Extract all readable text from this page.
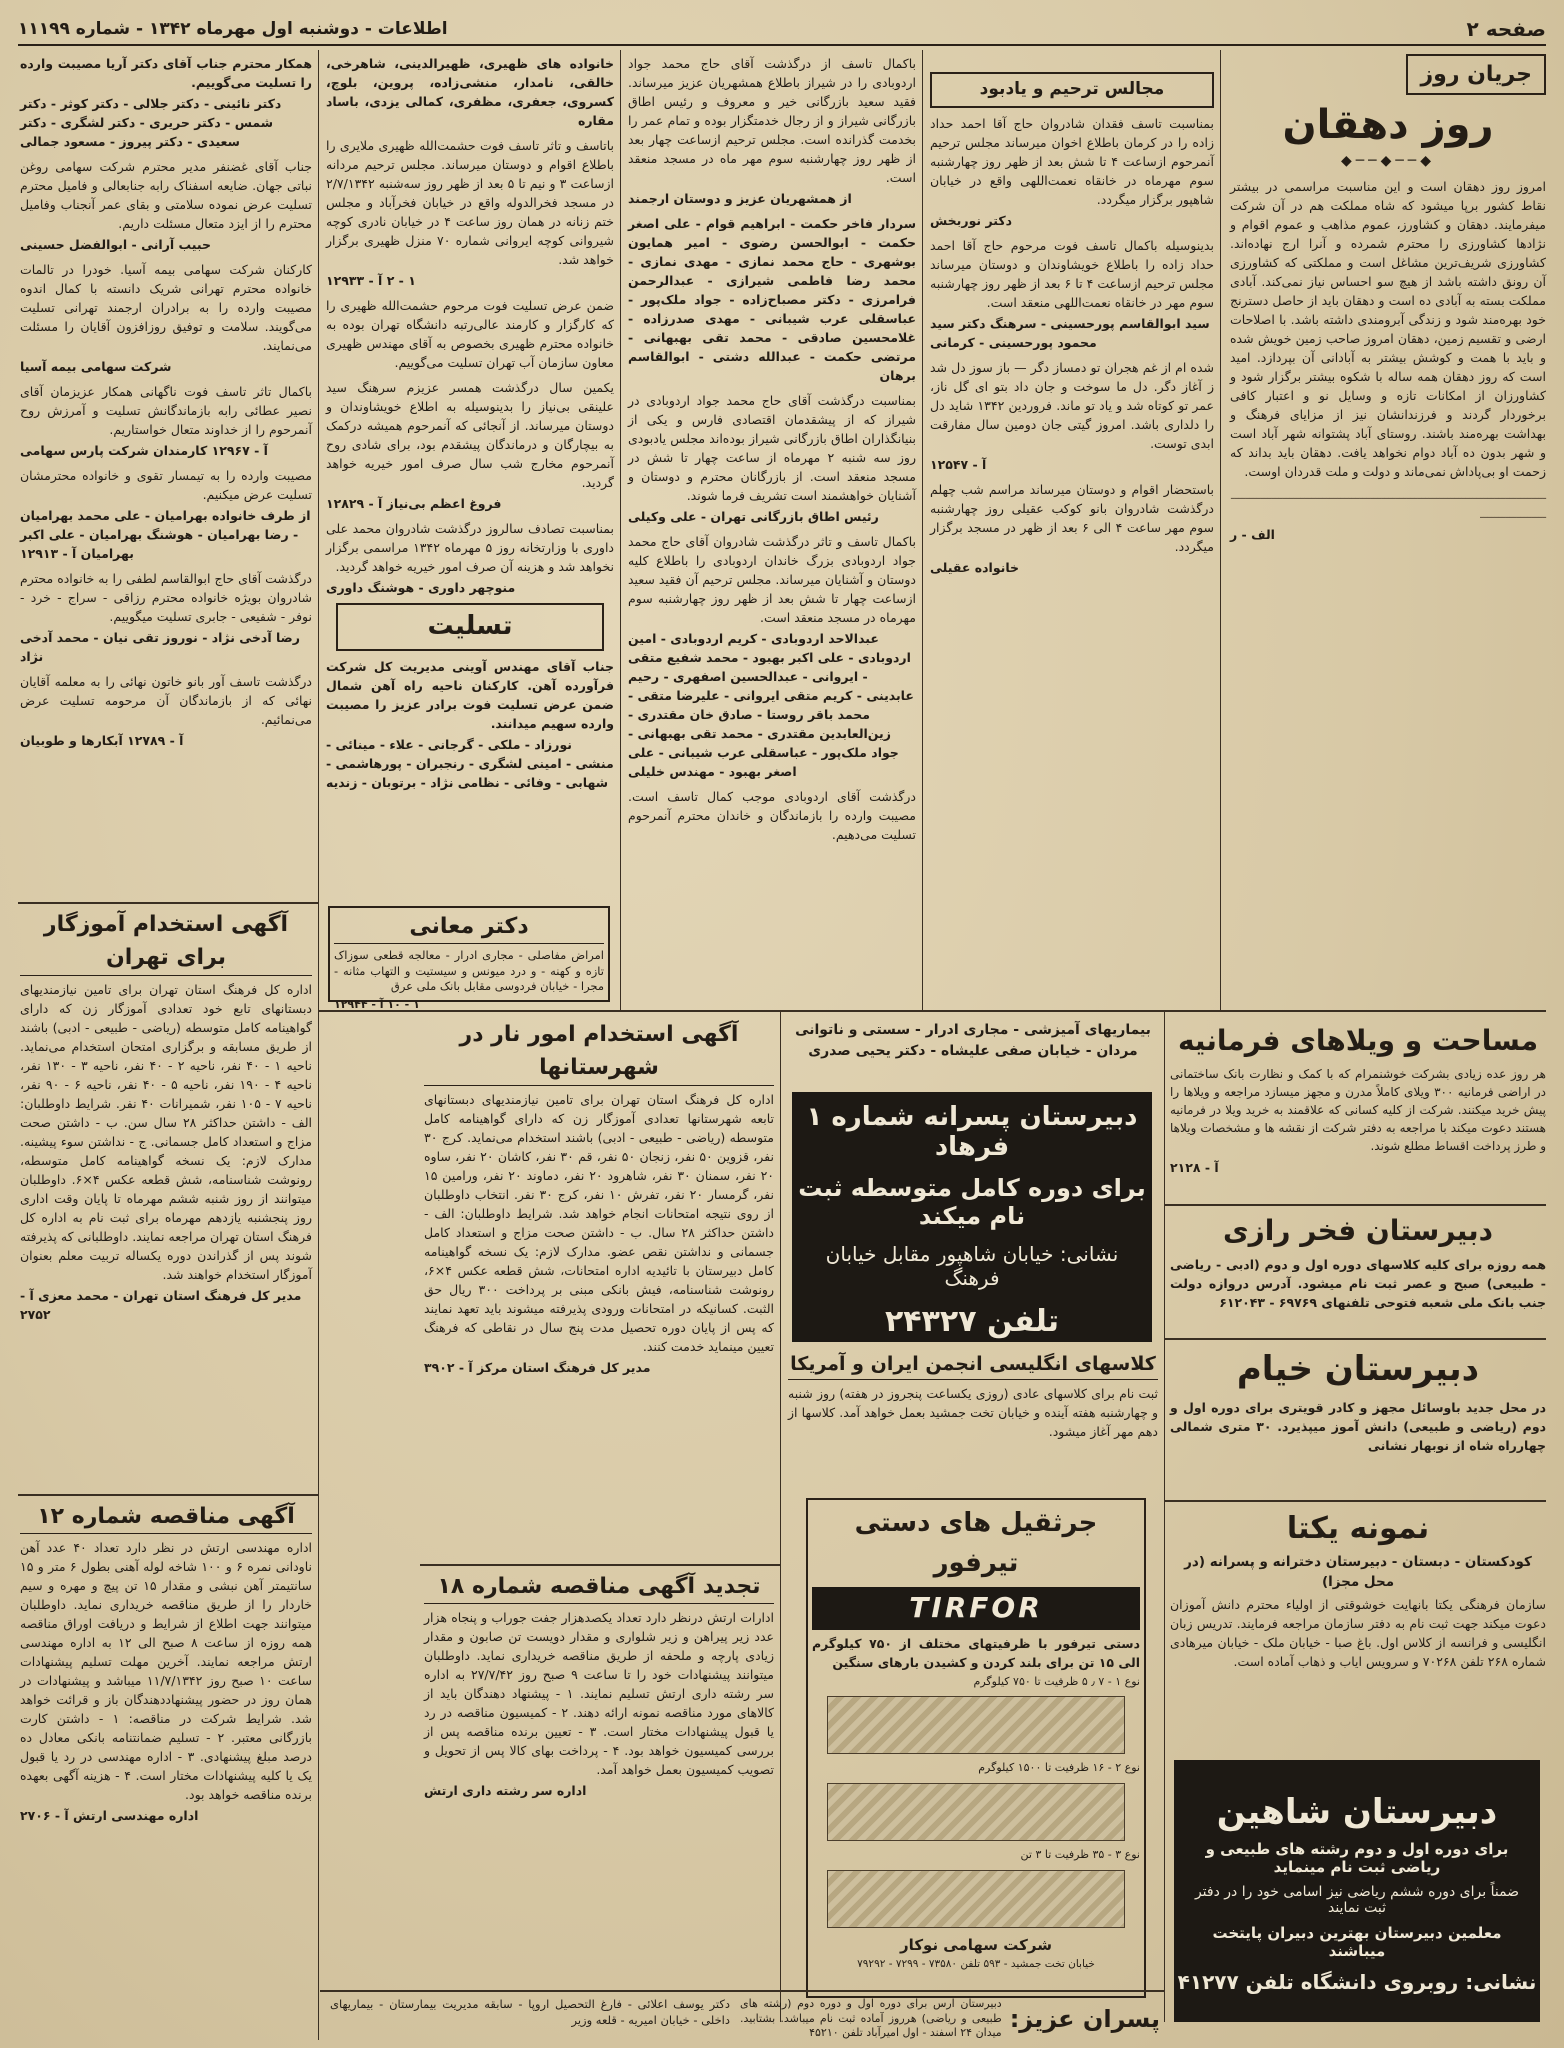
صفحه ۲
اطلاعات - دوشنبه اول مهرماه ۱۳۴۲ - شماره ۱۱۱۹۹
جریان روز
روز دهقان
◆──◆──◆

امروز روز دهقان است و این مناسبت مراسمی در بیشتر نقاط کشور برپا میشود که شاه مملکت هم در آن شرکت میفرمایند. دهقان و کشاورز، عموم مذاهب و عموم اقوام و نژادها کشاورزی را محترم شمرده و آنرا ارج نهاده‌اند. کشاورزی شریف‌ترین مشاغل است و مملکتی که کشاورزی آن رونق داشته باشد از هیچ سو احساس نیاز نمی‌کند. آبادی مملکت بسته به آبادی ده است و دهقان باید از حاصل دسترنج خود بهره‌مند شود و زندگی آبرومندی داشته باشد. با اصلاحات ارضی و تقسیم زمین، دهقان امروز صاحب زمین خویش شده و باید با همت و کوشش بیشتر به آبادانی آن بپردازد. امید است که روز دهقان همه ساله با شکوه بیشتر برگزار شود و کشاورزان از امکانات تازه و وسایل نو و اعتبار کافی برخوردار گردند و فرزندانشان نیز از مزایای فرهنگ و بهداشت بهره‌مند باشند. روستای آباد پشتوانه شهر آباد است و شهر بدون ده آباد دوام نخواهد یافت. دهقان باید بداند که زحمت او بی‌پاداش نمی‌ماند و دولت و ملت قدردان اوست.

ــــــــــــــــــــــــــــــــــــــــــــــــــــــــــــــــــــــــــــــــــــــــــــــــــــــــ

الف - ر
مجالس ترحیم و یادبود

بمناسبت تاسف فقدان شادروان حاج آقا احمد حداد زاده را در کرمان باطلاع اخوان میرساند مجلس ترحیم آنمرحوم ازساعت ۴ تا شش بعد از ظهر روز چهارشنبه سوم مهرماه در خانقاه نعمت‌اللهی واقع در خیابان شاهپور برگزار میگردد.

دکتر نوربخش

بدینوسیله باکمال تاسف فوت مرحوم حاج آقا احمد حداد زاده را باطلاع خویشاوندان و دوستان میرساند مجلس ترحیم ازساعت ۴ تا ۶ بعد از ظهر روز چهارشنبه سوم مهر در خانقاه نعمت‌اللهی منعقد است.

سید ابوالقاسم پورحسینی - سرهنگ دکتر سید محمود پورحسینی - کرمانی

شده ام از غم هجران تو دمساز دگر — باز سوز دل شد ز آغاز دگر. دل ما سوخت و جان داد بتو ای گل ناز، عمر تو کوتاه شد و یاد تو ماند. فروردین ۱۳۴۲ شاید دل را دلداری باشد. امروز گیتی جان دومین سال مفارقت ابدی توست.

آ - ۱۲۵۴۷

باستحضار اقوام و دوستان میرساند مراسم شب چهلم درگذشت شادروان بانو کوکب عقیلی روز چهارشنبه سوم مهر ساعت ۴ الی ۶ بعد از ظهر در مسجد برگزار میگردد.

خانواده عقیلی

باکمال تاسف از درگذشت آقای حاج محمد جواد اردوبادی را در شیراز باطلاع همشهریان عزیز میرساند. فقید سعید بازرگانی خیر و معروف و رئیس اطاق بازرگانی شیراز و از رجال خدمتگزار بوده و تمام عمر را بخدمت گذرانده است. مجلس ترحیم ازساعت چهار بعد از ظهر روز چهارشنبه سوم مهر ماه در مسجد منعقد است.

از همشهریان عزیز و دوستان ارجمند

سردار فاخر حکمت - ابراهیم قوام - علی اصغر حکمت - ابوالحسن رضوی - امیر همایون بوشهری - حاج محمد نمازی - مهدی نمازی - محمد رضا فاطمی شیرازی - عبدالرحمن فرامرزی - دکتر مصباح‌زاده - جواد ملک‌پور - عباسقلی عرب شیبانی - مهدی صدرزاده - غلامحسین صادقی - محمد تقی بهبهانی - مرتضی حکمت - عبدالله دشتی - ابوالقاسم برهان

بمناسبت درگذشت آقای حاج محمد جواد اردوبادی در شیراز که از پیشقدمان اقتصادی فارس و یکی از بنیانگذاران اطاق بازرگانی شیراز بوده‌اند مجلس یادبودی روز سه شنبه ۲ مهرماه از ساعت چهار تا شش در مسجد منعقد است. از بازرگانان محترم و دوستان و آشنایان خواهشمند است تشریف فرما شوند.

رئیس اطاق بازرگانی تهران - علی وکیلی

باکمال تاسف و تاثر درگذشت شادروان آقای حاج محمد جواد اردوبادی بزرگ خاندان اردوبادی را باطلاع کلیه دوستان و آشنایان میرساند. مجلس ترحیم آن فقید سعید ازساعت چهار تا شش بعد از ظهر روز چهارشنبه سوم مهرماه در مسجد منعقد است.

عبدالاحد اردوبادی - کریم اردوبادی - امین اردوبادی - علی اکبر بهبود - محمد شفیع متقی - ایروانی - عبدالحسین اصفهری - رحیم عابدینی - کریم متقی ایروانی - علیرضا متقی - محمد باقر روستا - صادق خان مقتدری - زین‌العابدین مقتدری - محمد تقی بهبهانی - جواد ملک‌پور - عباسقلی عرب شیبانی - علی اصغر بهبود - مهندس خلیلی

درگذشت آقای اردوبادی موجب کمال تاسف است. مصیبت وارده را بازماندگان و خاندان محترم آنمرحوم تسلیت می‌دهیم.

خانواده های ظهیری، ظهیرالدینی، شاهرخی، خالقی، نامدار، منشی‌زاده، پروین، بلوچ، کسروی، جعفری، مظفری، کمالی یزدی، باساد مقاره

باتاسف و تاثر تاسف فوت حشمت‌الله ظهیری ملایری را باطلاع اقوام و دوستان میرساند. مجلس ترحیم مردانه ازساعت ۳ و نیم تا ۵ بعد از ظهر روز سه‌شنبه ۲/۷/۱۳۴۲ در مسجد فخرالدوله واقع در خیابان فخرآباد و مجلس ختم زنانه در همان روز ساعت ۴ در خیابان نادری کوچه شیروانی کوچه ایروانی شماره ۷۰ منزل ظهیری برگزار خواهد شد.

۱ - ۲ آ - ۱۲۹۳۳

ضمن عرض تسلیت فوت مرحوم حشمت‌الله ظهیری را که کارگزار و کارمند عالی‌رتبه دانشگاه تهران بوده به خانواده محترم ظهیری بخصوص به آقای مهندس ظهیری معاون سازمان آب تهران تسلیت می‌گوییم.

یکمین سال درگذشت همسر عزیزم سرهنگ سید علینقی بی‌نیاز را بدینوسیله به اطلاع خویشاوندان و دوستان میرساند. از آنجائی که آنمرحوم همیشه درکمک به بیچارگان و درماندگان پیشقدم بود، برای شادی روح آنمرحوم مخارج شب سال صرف امور خیریه خواهد گردید.

فروغ اعظم بی‌نیاز آ - ۱۲۸۲۹

بمناسبت تصادف سالروز درگذشت شادروان محمد علی داوری با وزارتخانه روز ۵ مهرماه ۱۳۴۲ مراسمی برگزار نخواهد شد و هزینه آن صرف امور خیریه خواهد گردید.

منوچهر داوری - هوشنگ داوری
تسلیت

جناب آقای مهندس آوینی مدیریت کل شرکت فرآورده آهن. کارکنان ناحیه راه آهن شمال ضمن عرض تسلیت فوت برادر عزیز را مصیبت وارده سهیم میدانند.

نورزاد - ملکی - گرجانی - علاء - مینائی - منشی - امینی لشگری - رنجبران - پورهاشمی - شهابی - وفائی - نظامی نژاد - برتوبان - زندیه
دکتر معانی

امراض مفاصلی - مجاری ادرار - معالجه قطعی سوزاک تازه و کهنه - و درد میونس و سیستیت و التهاب مثانه - مجرا - خیابان فردوسی مقابل بانک ملی عرق

۱ - ۱۰ آ - ۱۲۹۴۴

همکار محترم جناب آقای دکتر آریا مصیبت وارده را تسلیت می‌گوییم.

دکتر نائینی - دکتر جلالی - دکتر کوثر - دکتر شمس - دکتر حریری - دکتر لشگری - دکتر سعیدی - دکتر پیروز - مسعود جمالی

جناب آقای غضنفر مدیر محترم شرکت سهامی روغن نباتی جهان. ضایعه اسفناک رابه جنابعالی و فامیل محترم تسلیت عرض نموده سلامتی و بقای عمر آنجناب وفامیل محترم را از ایزد متعال مسئلت داریم.

حبیب آرانی - ابوالفضل حسینی

کارکنان شرکت سهامی بیمه آسیا. خودرا در تالمات خانواده محترم تهرانی شریک دانسته با کمال اندوه مصیبت وارده را به برادران ارجمند تهرانی تسلیت می‌گویند. سلامت و توفیق روزافزون آقایان را مسئلت می‌نمایند.

شرکت سهامی بیمه آسیا

باکمال تاثر تاسف فوت ناگهانی همکار عزیزمان آقای نصیر عطائی رابه بازماندگانش تسلیت و آمرزش روح آنمرحوم را از خداوند متعال خواستاریم.

آ - ۱۲۹۶۷ کارمندان شرکت پارس سهامی

مصیبت وارده را به تیمسار تقوی و خانواده محترمشان تسلیت عرض میکنیم.

از طرف خانواده بهرامیان - علی محمد بهرامیان - رضا بهرامیان - هوشنگ بهرامیان - علی اکبر بهرامیان آ - ۱۲۹۱۳

درگذشت آقای حاج ابوالقاسم لطفی را به خانواده محترم شادروان بویژه خانواده محترم رزاقی - سراج - خرد - نوفر - شفیعی - جابری تسلیت میگوییم.

رضا آدخی نژاد - نوروز تقی نیان - محمد آدخی نژاد

درگذشت تاسف آور بانو خاتون نهائی را به معلمه آقایان نهائی که از بازماندگان آن مرحومه تسلیت عرض می‌نمائیم.

آ - ۱۲۷۸۹ آبکارها و طوبیان
آگهی استخدام آموزگار برای تهران

اداره کل فرهنگ استان تهران برای تامین نیازمندیهای دبستانهای تابع خود تعدادی آموزگار زن که دارای گواهینامه کامل متوسطه (ریاضی - طبیعی - ادبی) باشند از طریق مسابقه و برگزاری امتحان استخدام می‌نماید. ناحیه ۱ - ۴۰ نفر، ناحیه ۲ - ۴۰ نفر، ناحیه ۳ - ۱۳۰ نفر، ناحیه ۴ - ۱۹۰ نفر، ناحیه ۵ - ۴۰ نفر، ناحیه ۶ - ۹۰ نفر، ناحیه ۷ - ۱۰۵ نفر، شمیرانات ۴۰ نفر. شرایط داوطلبان: الف - داشتن حداکثر ۲۸ سال سن. ب - داشتن صحت مزاج و استعداد کامل جسمانی. ج - نداشتن سوء پیشینه. مدارک لازم: یک نسخه گواهینامه کامل متوسطه، رونوشت شناسنامه، شش قطعه عکس ۴×۶. داوطلبان میتوانند از روز شنبه ششم مهرماه تا پایان وقت اداری روز پنجشنبه یازدهم مهرماه برای ثبت نام به اداره کل فرهنگ استان تهران مراجعه نمایند. داوطلبانی که پذیرفته شوند پس از گذراندن دوره یکساله تربیت معلم بعنوان آموزگار استخدام خواهند شد.

مدیر کل فرهنگ استان تهران - محمد معزی آ - ۲۷۵۲
آگهی مناقصه شماره ۱۲

اداره مهندسی ارتش در نظر دارد تعداد ۴۰ عدد آهن ناودانی نمره ۶ و ۱۰۰ شاخه لوله آهنی بطول ۶ متر و ۱۵ سانتیمتر آهن نبشی و مقدار ۱۵ تن پیچ و مهره و سیم خاردار را از طریق مناقصه خریداری نماید. داوطلبان میتوانند جهت اطلاع از شرایط و دریافت اوراق مناقصه همه روزه از ساعت ۸ صبح الی ۱۲ به اداره مهندسی ارتش مراجعه نمایند. آخرین مهلت تسلیم پیشنهادات ساعت ۱۰ صبح روز ۱۱/۷/۱۳۴۲ میباشد و پیشنهادات در همان روز در حضور پیشنهاددهندگان باز و قرائت خواهد شد. شرایط شرکت در مناقصه: ۱ - داشتن کارت بازرگانی معتبر. ۲ - تسلیم ضمانتنامه بانکی معادل ده درصد مبلغ پیشنهادی. ۳ - اداره مهندسی در رد یا قبول یک یا کلیه پیشنهادات مختار است. ۴ - هزینه آگهی بعهده برنده مناقصه خواهد بود.

اداره مهندسی ارتش آ - ۲۷۰۶
آگهی استخدام امور نار در شهرستانها

اداره کل فرهنگ استان تهران برای تامین نیازمندیهای دبستانهای تابعه شهرستانها تعدادی آموزگار زن که دارای گواهینامه کامل متوسطه (ریاضی - طبیعی - ادبی) باشند استخدام می‌نماید. کرج ۳۰ نفر، قزوین ۵۰ نفر، زنجان ۵۰ نفر، قم ۳۰ نفر، کاشان ۲۰ نفر، ساوه ۲۰ نفر، سمنان ۳۰ نفر، شاهرود ۲۰ نفر، دماوند ۲۰ نفر، ورامین ۱۵ نفر، گرمسار ۲۰ نفر، تفرش ۱۰ نفر، کرج ۳۰ نفر. انتخاب داوطلبان از روی نتیجه امتحانات انجام خواهد شد. شرایط داوطلبان: الف - داشتن حداکثر ۲۸ سال. ب - داشتن صحت مزاج و استعداد کامل جسمانی و نداشتن نقص عضو. مدارک لازم: یک نسخه گواهینامه کامل دبیرستان با تائیدیه اداره امتحانات، شش قطعه عکس ۴×۶، رونوشت شناسنامه، فیش بانکی مبنی بر پرداخت ۳۰۰ ریال حق الثبت. کسانیکه در امتحانات ورودی پذیرفته میشوند باید تعهد نمایند که پس از پایان دوره تحصیل مدت پنج سال در نقاطی که فرهنگ تعیین مینماید خدمت کنند.

مدیر کل فرهنگ استان مرکز آ - ۳۹۰۲
تجدید آگهی مناقصه شماره ۱۸

ادارات ارتش درنظر دارد تعداد یکصدهزار جفت جوراب و پنجاه هزار عدد زیر پیراهن و زیر شلواری و مقدار دویست تن صابون و مقدار زیادی پارچه و ملحفه از طریق مناقصه خریداری نماید. داوطلبان میتوانند پیشنهادات خود را تا ساعت ۹ صبح روز ۲۷/۷/۴۲ به اداره سر رشته داری ارتش تسلیم نمایند. ۱ - پیشنهاد دهندگان باید از کالاهای مورد مناقصه نمونه ارائه دهند. ۲ - کمیسیون مناقصه در رد یا قبول پیشنهادات مختار است. ۳ - تعیین برنده مناقصه پس از بررسی کمیسیون خواهد بود. ۴ - پرداخت بهای کالا پس از تحویل و تصویب کمیسیون بعمل خواهد آمد.

اداره سر رشته داری ارتش

بیماریهای آمیزشی - مجاری ادرار - سستی و ناتوانی مردان - خیابان صفی علیشاه - دکتر یحیی صدری

دبیرستان پسرانه شماره ۱ فرهاد
برای دوره کامل متوسطه ثبت نام میکند
نشانی: خیابان شاهپور مقابل خیابان فرهنگ
تلفن ۲۴۳۲۷
کلاسهای انگلیسی انجمن ایران و آمریکا

ثبت نام برای کلاسهای عادی (روزی یکساعت پنجروز در هفته) روز شنبه و چهارشنبه هفته آینده و خیابان تخت جمشید بعمل خواهد آمد. کلاسها از دهم مهر آغاز میشود.

جرثقیل های دستی تیرفور
TIRFOR

دستی تیرفور با ظرفیتهای مختلف از ۷۵۰ کیلوگرم الی ۱۵ تن برای بلند کردن و کشیدن بارهای سنگین

نوع ۱ - ۷ ٫ ۵ ظرفیت تا ۷۵۰ کیلوگرم
نوع ۲ - ۱۶ ظرفیت تا ۱۵۰۰ کیلوگرم
نوع ۳ - ۳۵ ظرفیت تا ۳ تن
شرکت سهامی نوکار
خیابان تخت جمشید - ۵۹۳ تلفن ۷۳۵۸۰ - ۷۲۹۹ - ۷۹۲۹۲
مساحت و ویلاهای فرمانیه

هر روز عده زیادی بشرکت خوشنمرام که با کمک و نظارت بانک ساختمانی در اراضی فرمانیه ۳۰۰ ویلای کاملاً مدرن و مجهز میسازد مراجعه و ویلاها را پیش خرید میکنند. شرکت از کلیه کسانی که علاقمند به خرید ویلا در فرمانیه هستند دعوت میکند با مراجعه به دفتر شرکت از نقشه ها و مشخصات ویلاها و طرز پرداخت اقساط مطلع شوند.

آ - ۲۱۲۸
دبیرستان فخر رازی

همه روزه برای کلیه کلاسهای دوره اول و دوم (ادبی - ریاضی - طبیعی) صبح و عصر ثبت نام میشود. آدرس دروازه دولت جنب بانک ملی شعبه فتوحی تلفنهای ۶۹۷۶۹ - ۶۱۲۰۴۳

دبیرستان خیام

در محل جدید باوسائل مجهز و کادر قویتری برای دوره اول و دوم (ریاضی و طبیعی) دانش آموز میپذیرد. ۳۰ متری شمالی چهارراه شاه از نوبهار نشانی

نمونه یکتا
کودکستان - دبستان - دبیرستان دخترانه و پسرانه (در محل مجزا)

سازمان فرهنگی یکتا بانهایت خوشوقتی از اولیاء محترم دانش آموزان دعوت میکند جهت ثبت نام به دفتر سازمان مراجعه فرمایند. تدریس زبان انگلیسی و فرانسه از کلاس اول. باغ صبا - خیابان ملک - خیابان میرهادی شماره ۲۶۸ تلفن ۷۰۲۶۸ و سرویس ایاب و ذهاب آماده است.

دبیرستان شاهین
برای دوره اول و دوم رشته های طبیعی و ریاضی ثبت نام مینماید
ضمناً برای دوره ششم ریاضی نیز اسامی خود را در دفتر ثبت نمایند
معلمین دبیرستان بهترین دبیران پایتخت میباشند
نشانی: روبروی دانشگاه تلفن ۴۱۲۷۷

دکتر یوسف اعلائی - فارغ التحصیل اروپا - سابقه مدیریت بیمارستان - بیماریهای داخلی - خیابان امیریه - قلعه وزیر	پسران عزیز:

دبیرستان ارس برای دوره اول و دوره دوم (رشته های طبیعی و ریاضی) هرروز آماده ثبت نام میباشد. بشتابید. میدان ۲۴ اسفند - اول امیرآباد تلفن ۴۵۲۱۰
